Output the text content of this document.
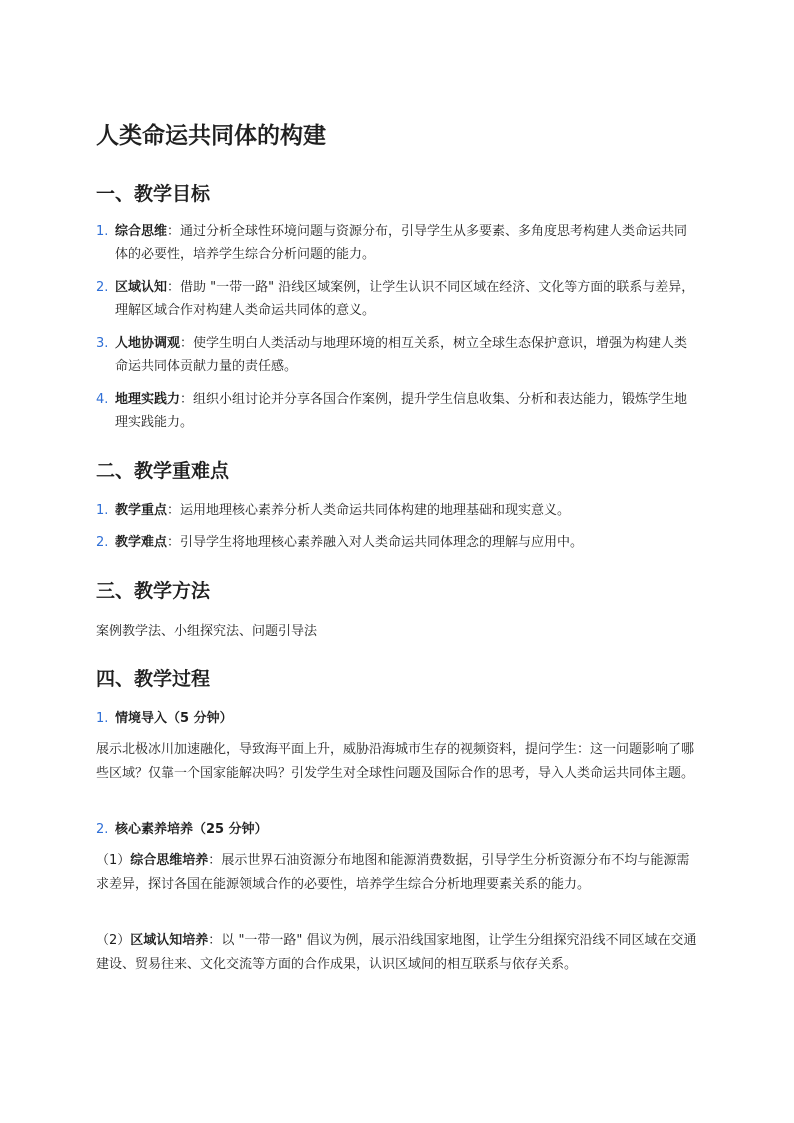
人类命运共同体的构建
一、教学目标
1. 综合思维：通过分析全球性环境问题与资源分布，引导学生从多要素、多角度思考构建人类命运共同体的必要性，培养学生综合分析问题的能力。
2. 区域认知：借助 "一带一路" 沿线区域案例，让学生认识不同区域在经济、文化等方面的联系与差异，理解区域合作对构建人类命运共同体的意义。
3. 人地协调观：使学生明白人类活动与地理环境的相互关系，树立全球生态保护意识，增强为构建人类命运共同体贡献力量的责任感。
4. 地理实践力：组织小组讨论并分享各国合作案例，提升学生信息收集、分析和表达能力，锻炼学生地理实践能力。
二、教学重难点
1. 教学重点：运用地理核心素养分析人类命运共同体构建的地理基础和现实意义。
2. 教学难点：引导学生将地理核心素养融入对人类命运共同体理念的理解与应用中。
三、教学方法

案例教学法、小组探究法、问题引导法

四、教学过程
1. 情境导入（5 分钟）

展示北极冰川加速融化，导致海平面上升，威胁沿海城市生存的视频资料，提问学生：这一问题影响了哪些区域？仅靠一个国家能解决吗？引发学生对全球性问题及国际合作的思考，导入人类命运共同体主题。

2. 核心素养培养（25 分钟）

（1）综合思维培养：展示世界石油资源分布地图和能源消费数据，引导学生分析资源分布不均与能源需求差异，探讨各国在能源领域合作的必要性，培养学生综合分析地理要素关系的能力。

（2）区域认知培养：以 "一带一路" 倡议为例，展示沿线国家地图，让学生分组探究沿线不同区域在交通建设、贸易往来、文化交流等方面的合作成果，认识区域间的相互联系与依存关系。
